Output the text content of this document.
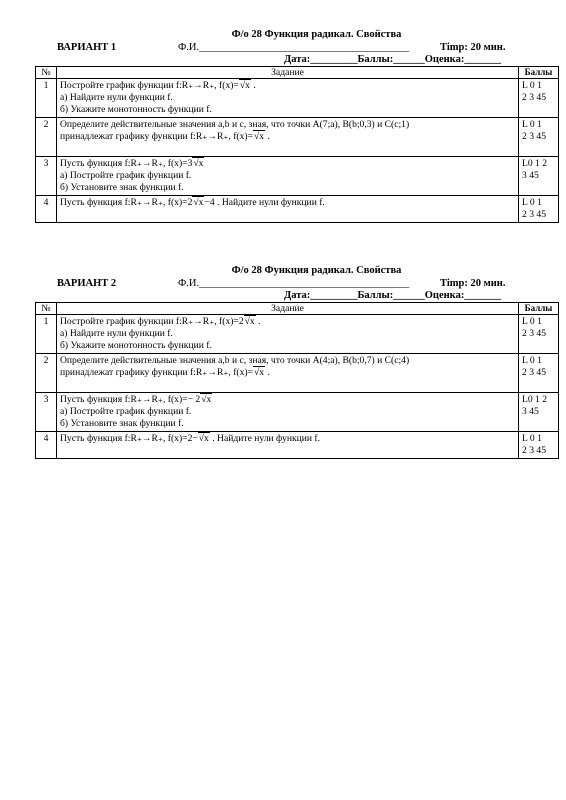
Ф/о 28 Функция радикал. Свойства
ВАРИАНТ 1	Ф.И.________________________________________	Timp: 20 мин.
Дата:_________Баллы:______Оценка:_______
№	Задание	Баллы
1	Постройте график функции f:R₊→R₊, f(x)=√x .
а) Найдите нули функции f.
б) Укажите монотонность функции f.	L 0 1
2 3 45

2	Определите действительные значения a,b и c, зная, что точки A(7;a), B(b;0,3) и C(c;1)
принадлежат графику функции f:R₊→R₊, f(x)=√x .	L 0 1
2 3 45

3	Пусть функция f:R₊→R₊, f(x)=3√x
а) Постройте график функции f.
б) Установите знак функции f.	L0 1 2
3 45

4	Пусть функция f:R₊→R₊, f(x)=2√x−4 . Найдите нули функции f.	L 0 1
2 3 45
Ф/о 28 Функция радикал. Свойства
ВАРИАНТ 2	Ф.И.________________________________________	Timp: 20 мин.
Дата:_________Баллы:______Оценка:_______
№	Задание	Баллы
1	Постройте график функции f:R₊→R₊, f(x)=2√x .
а) Найдите нули функции f.
б) Укажите монотонность функции f.	L 0 1
2 3 45

2	Определите действительные значения a,b и c, зная, что точки A(4;a), B(b;0,7) и C(c;4)
принадлежат графику функции f:R₊→R₊, f(x)=√x .	L 0 1
2 3 45

3	Пусть функция f:R₊→R₊, f(x)=− 2√x
а) Постройте график функции f.
б) Установите знак функции f.	L0 1 2
3 45

4	Пусть функция f:R₊→R₊, f(x)=2−√x . Найдите нули функции f.	L 0 1
2 3 45
